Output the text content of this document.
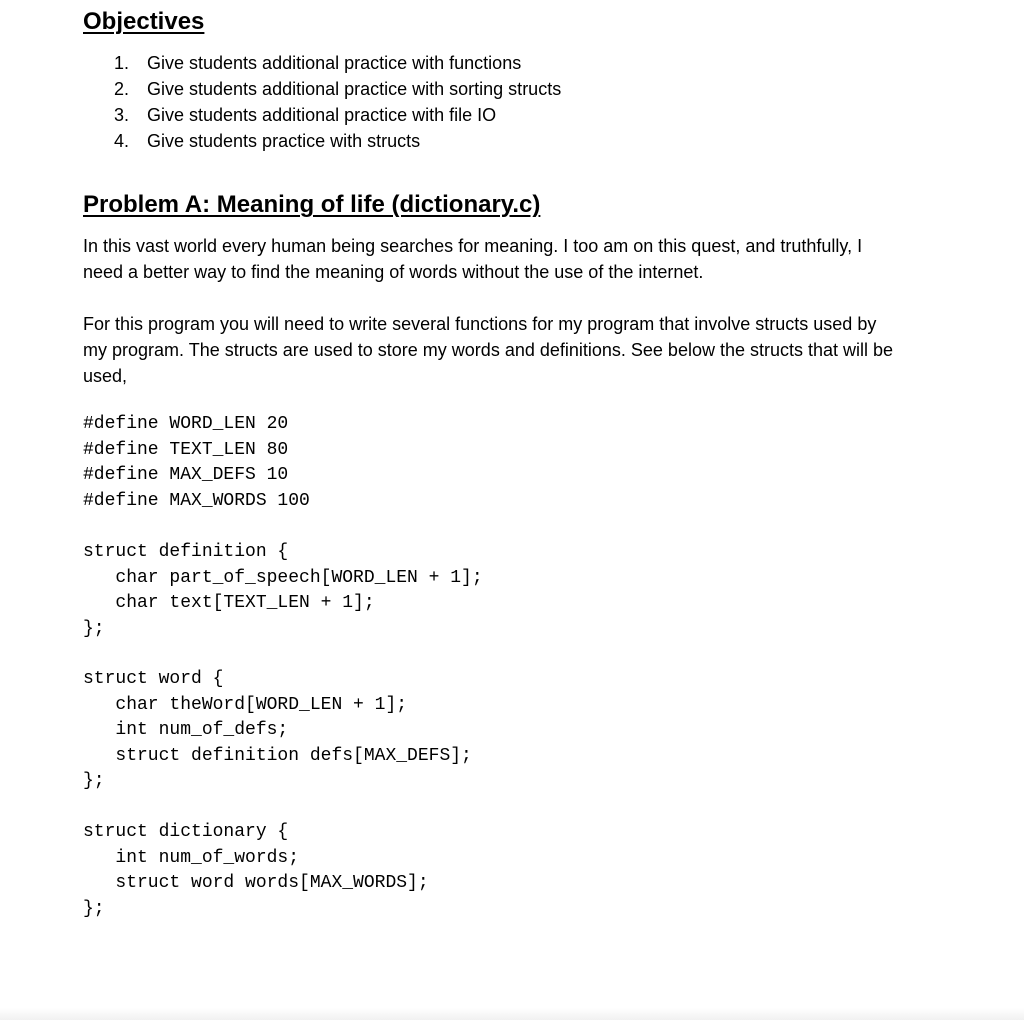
Objectives
1. Give students additional practice with functions
2. Give students additional practice with sorting structs
3. Give students additional practice with file IO
4. Give students practice with structs
Problem A: Meaning of life (dictionary.c)

In this vast world every human being searches for meaning. I too am on this quest, and truthfully, I need a better way to find the meaning of words without the use of the internet.

For this program you will need to write several functions for my program that involve structs used by my program. The structs are used to store my words and definitions. See below the structs that will be used,

#define WORD_LEN 20
#define TEXT_LEN 80
#define MAX_DEFS 10
#define MAX_WORDS 100
struct definition {
char part_of_speech[WORD_LEN + 1];
char text[TEXT_LEN + 1];
};
struct word {
char theWord[WORD_LEN + 1];
int num_of_defs;
struct definition defs[MAX_DEFS];
};
struct dictionary {
int num_of_words;
struct word words[MAX_WORDS];
};
